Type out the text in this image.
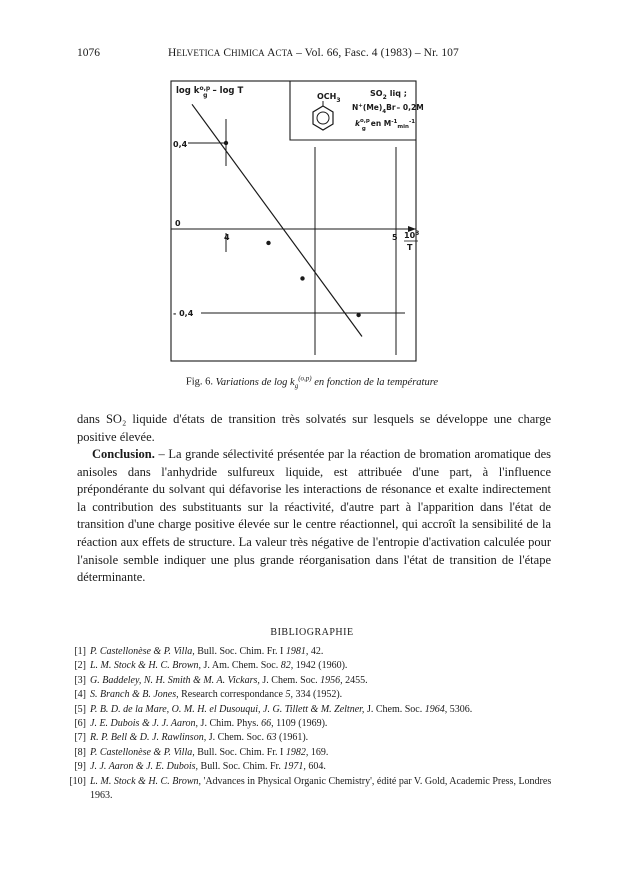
1076	HELVETICA CHIMICA ACTA – Vol. 66, Fasc. 4 (1983) – Nr. 107
$\log k^{o,p}$ g – log T
$OCH_3$
$SO_2$ liq ;
$N^+(Me)_4Br-$ 0,2M
$k^{o,p}$ gen $M^{-1}_{min}^{-1}$
0,4
0
- 0,4
4	5 $10^3$
T
Fig. 6. Variations de $\log k_g^{(o,p)}$ en fonction de la température
dans SO₂ liquide d'états de transition très solvatés sur lesquels se développe une charge positive élevée.
Conclusion. – La grande sélectivité présentée par la réaction de bromation aromatique des anisoles dans l'anhydride sulfureux liquide, est attribuée d'une part, à l'influence prépondérante du solvant qui défavorise les interactions de résonance et exalte indirectement la contribution des substituants sur la réactivité, d'autre part à l'apparition dans l'état de transition d'une charge positive élevée sur le centre réactionnel, qui accroît la sensibilité de la réaction aux effets de structure. La valeur très négative de l'entropie d'activation calculée pour l'anisole semble indiquer une plus grande réorganisation dans l'état de transition de l'étape déterminante.
BIBLIOGRAPHIE
[1] P. Castellonèse & P. Villa, Bull. Soc. Chim. Fr. I 1981, 42.
[2] L. M. Stock & H. C. Brown, J. Am. Chem. Soc. 82, 1942 (1960).
[3] G. Baddeley, N. H. Smith & M. A. Vickars, J. Chem. Soc. 1956, 2455.
[4] S. Branch & B. Jones, Research correspondance 5, 334 (1952).
[5] P. B. D. de la Mare, O. M. H. el Dusouqui, J. G. Tillett & M. Zeltner, J. Chem. Soc. 1964, 5306.
[6] J. E. Dubois & J. J. Aaron, J. Chim. Phys. 66, 1109 (1969).
[7] R. P. Bell & D. J. Rawlinson, J. Chem. Soc. 63 (1961).
[8] P. Castellonèse & P. Villa, Bull. Soc. Chim. Fr. I 1982, 169.
[9] J. J. Aaron & J. E. Dubois, Bull. Soc. Chim. Fr. 1971, 604.
[10] L. M. Stock & H. C. Brown, 'Advances in Physical Organic Chemistry', édité par V. Gold, Academic Press, Londres 1963.
